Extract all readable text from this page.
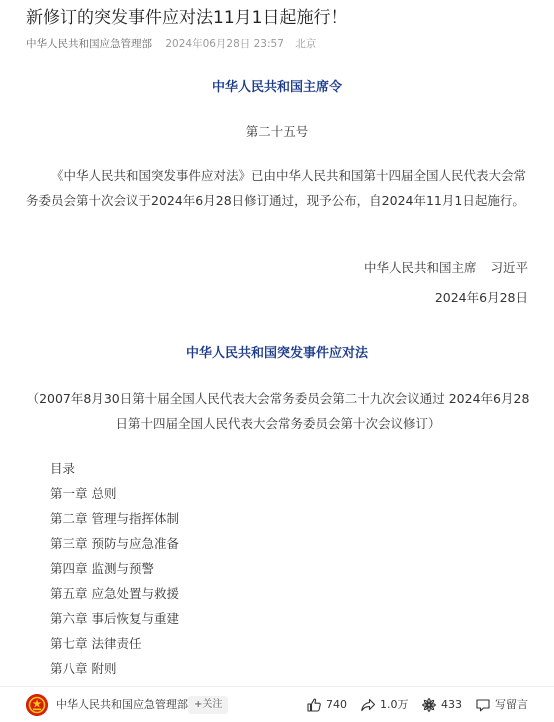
新修订的突发事件应对法11月1日起施行！
中华人民共和国应急管理部 2024年06月28日 23:57 北京
中华人民共和国主席令
第二十五号

《中华人民共和国突发事件应对法》已由中华人民共和国第十四届全国人民代表大会常务委员会第十次会议于2024年6月28日修订通过，现予公布，自2024年11月1日起施行。

中华人民共和国主席 习近平
2024年6月28日
中华人民共和国突发事件应对法

（2007年8月30日第十届全国人民代表大会常务委员会第二十九次会议通过 2024年6月28日第十四届全国人民代表大会常务委员会第十次会议修订）

目录
第一章 总则
第二章 管理与指挥体制
第三章 预防与应急准备
第四章 监测与预警
第五章 应急处置与救援
第六章 事后恢复与重建
第七章 法律责任
第八章 附则
中华人民共和国应急管理部 +关注	740	1.0万	433	写留言
